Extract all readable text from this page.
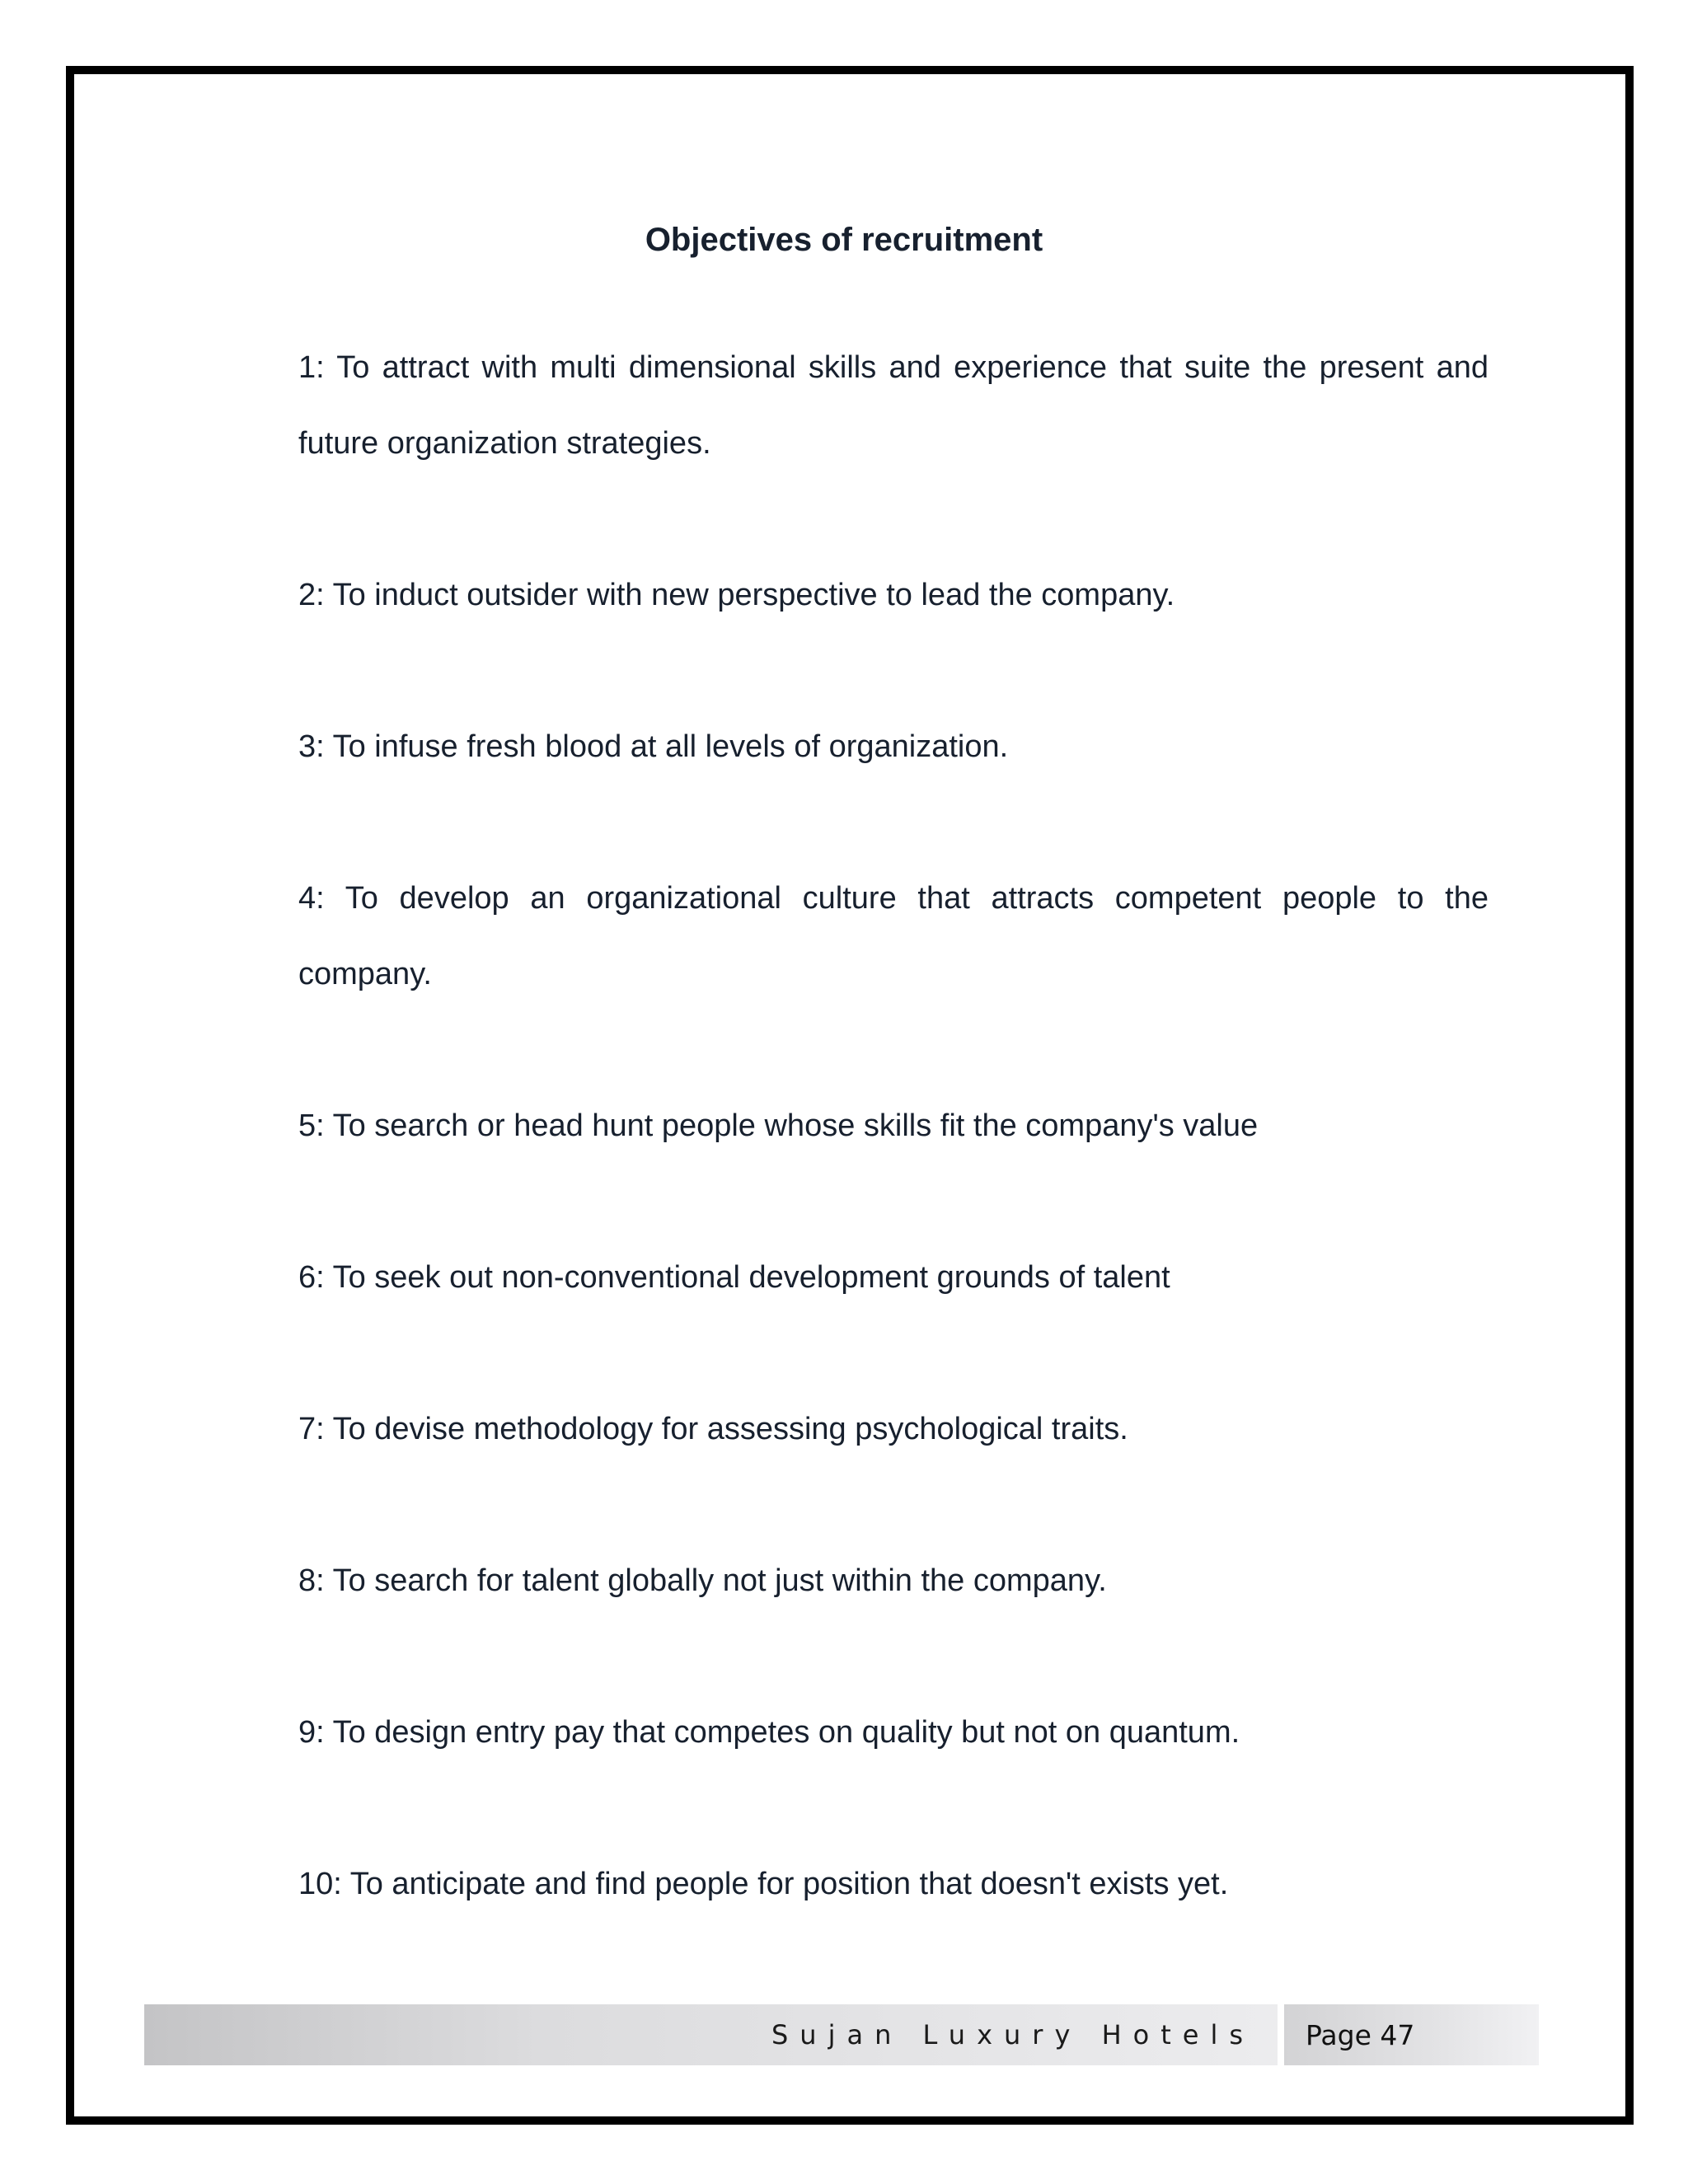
Objectives of recruitment
1: To attract with multi dimensional skills and experience that suite the present and future organization strategies.
2: To induct outsider with new perspective to lead the company.
3: To infuse fresh blood at all levels of organization.
4: To develop an organizational culture that attracts competent people to the company.
5: To search or head hunt people whose skills fit the company's value
6: To seek out non-conventional development grounds of talent
7: To devise methodology for assessing psychological traits.
8: To search for talent globally not just within the company.
9: To design entry pay that competes on quality but not on quantum.
10: To anticipate and find people for position that doesn't exists yet.
Sujan Luxury Hotels Page 47
